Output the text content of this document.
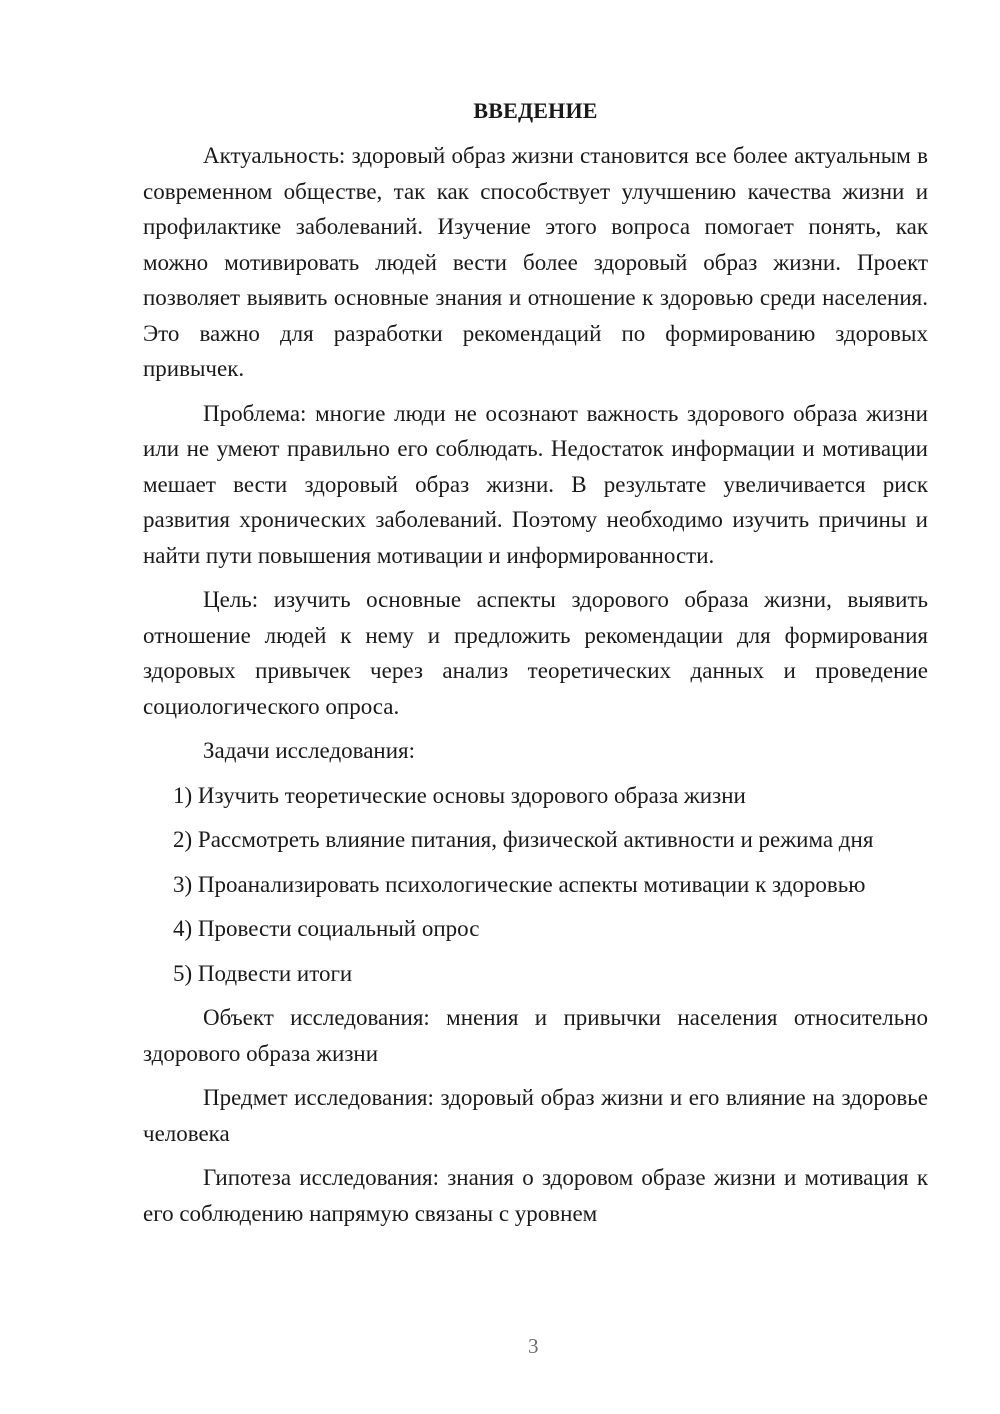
ВВЕДЕНИЕ

Актуальность: здоровый образ жизни становится все более актуальным в современном обществе, так как способствует улучшению качества жизни и профилактике заболеваний. Изучение этого вопроса помогает понять, как можно мотивировать людей вести более здоровый образ жизни. Проект позволяет выявить основные знания и отношение к здоровью среди населения. Это важно для разработки рекомендаций по формированию здоровых привычек.

Проблема: многие люди не осознают важность здорового образа жизни или не умеют правильно его соблюдать. Недостаток информации и мотивации мешает вести здоровый образ жизни. В результате увеличивается риск развития хронических заболеваний. Поэтому необходимо изучить причины и найти пути повышения мотивации и информированности.

Цель: изучить основные аспекты здорового образа жизни, выявить отношение людей к нему и предложить рекомендации для формирования здоровых привычек через анализ теоретических данных и проведение социологического опроса.

Задачи исследования:

1) Изучить теоретические основы здорового образа жизни

2) Рассмотреть влияние питания, физической активности и режима дня

3) Проанализировать психологические аспекты мотивации к здоровью

4) Провести социальный опрос

5) Подвести итоги

Объект исследования: мнения и привычки населения относительно здорового образа жизни

Предмет исследования: здоровый образ жизни и его влияние на здоровье человека

Гипотеза исследования: знания о здоровом образе жизни и мотивация к его соблюдению напрямую связаны с уровнем

3
